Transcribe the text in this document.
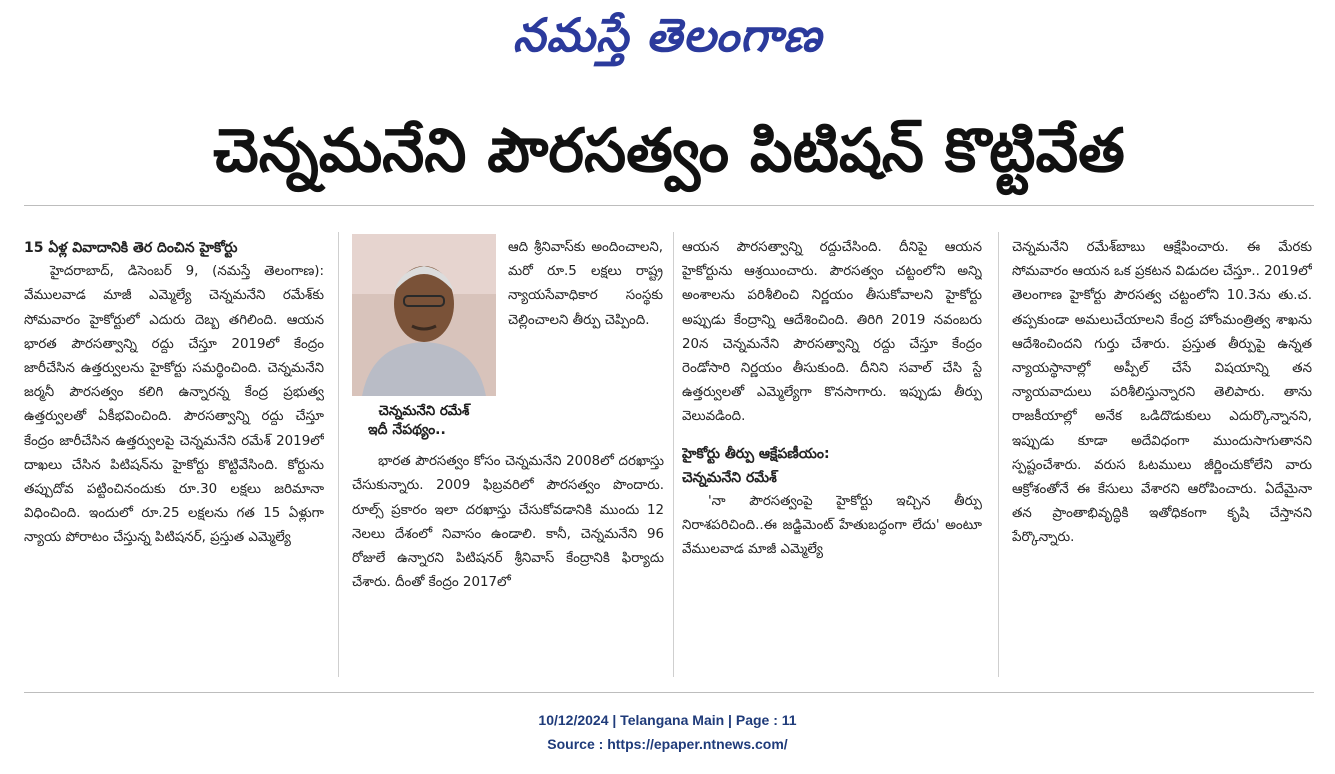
నమస్తే తెలంగాణ
చెన్నమనేని పౌరసత్వం పిటిషన్ కొట్టివేత

15 ఏళ్ల వివాదానికి తెర దించిన హైకోర్టు

హైదరాబాద్, డిసెంబర్ 9, (నమస్తే తెలంగాణ): వేములవాడ మాజీ ఎమ్మెల్యే చెన్నమనేని రమేశ్‌కు సోమవారం హైకోర్టులో ఎదురు దెబ్బ తగిలింది. ఆయన భారత పౌరసత్వాన్ని రద్దు చేస్తూ 2019లో కేంద్రం జారీచేసిన ఉత్తర్వులను హైకోర్టు సమర్థించింది. చెన్నమనేని జర్మనీ పౌరసత్వం కలిగి ఉన్నారన్న కేంద్ర ప్రభుత్వ ఉత్తర్వులతో ఏకీభవించింది. పౌరసత్వాన్ని రద్దు చేస్తూ కేంద్రం జారీచేసిన ఉత్తర్వులపై చెన్నమనేని రమేశ్ 2019లో దాఖలు చేసిన పిటిషన్‌ను హైకోర్టు కొట్టివేసింది. కోర్టును తప్పుదోవ పట్టించినందుకు రూ.30 లక్షలు జరిమానా విధించింది. ఇందులో రూ.25 లక్షలను గత 15 ఏళ్లుగా న్యాయ పోరాటం చేస్తున్న పిటిషనర్, ప్రస్తుత ఎమ్మెల్యే

చెన్నమనేని రమేశ్

ఆది శ్రీనివాస్‌కు అందించాలని, మరో రూ.5 లక్షలు రాష్ట్ర న్యాయసేవాధికార సంస్థకు చెల్లించాలని తీర్పు చెప్పింది.

ఇదీ నేపథ్యం..

భారత పౌరసత్వం కోసం చెన్నమనేని 2008లో దరఖాస్తు చేసుకున్నారు. 2009 ఫిబ్రవరిలో పౌరసత్వం పొందారు. రూల్స్ ప్రకారం ఇలా దరఖాస్తు చేసుకోవడానికి ముందు 12 నెలలు దేశంలో నివాసం ఉండాలి. కానీ, చెన్నమనేని 96 రోజులే ఉన్నారని పిటిషనర్ శ్రీనివాస్ కేంద్రానికి ఫిర్యాదు చేశారు. దీంతో కేంద్రం 2017లో

ఆయన పౌరసత్వాన్ని రద్దుచేసింది. దీనిపై ఆయన హైకోర్టును ఆశ్రయించారు. పౌరసత్వం చట్టంలోని అన్ని అంశాలను పరిశీలించి నిర్ణయం తీసుకోవాలని హైకోర్టు అప్పుడు కేంద్రాన్ని ఆదేశించింది. తిరిగి 2019 నవంబరు 20న చెన్నమనేని పౌరసత్వాన్ని రద్దు చేస్తూ కేంద్రం రెండోసారి నిర్ణయం తీసుకుంది. దీనిని సవాల్ చేసి స్టే ఉత్తర్వులతో ఎమ్మెల్యేగా కొనసాగారు. ఇప్పుడు తీర్పు వెలువడింది.

హైకోర్టు తీర్పు ఆక్షేపణీయం:

చెన్నమనేని రమేశ్

'నా పౌరసత్వంపై హైకోర్టు ఇచ్చిన తీర్పు నిరాశపరిచింది..ఈ జడ్జిమెంట్ హేతుబద్ధంగా లేదు' అంటూ వేములవాడ మాజీ ఎమ్మెల్యే

చెన్నమనేని రమేశ్‌బాబు ఆక్షేపించారు. ఈ మేరకు సోమవారం ఆయన ఒక ప్రకటన విడుదల చేస్తూ.. 2019లో తెలంగాణ హైకోర్టు పౌరసత్వ చట్టంలోని 10.3ను తు.చ. తప్పకుండా అమలుచేయాలని కేంద్ర హోంమంత్రిత్వ శాఖను ఆదేశించిందని గుర్తు చేశారు. ప్రస్తుత తీర్పుపై ఉన్నత న్యాయస్థానాల్లో అప్పీల్ చేసే విషయాన్ని తన న్యాయవాదులు పరిశీలిస్తున్నారని తెలిపారు. తాను రాజకీయాల్లో అనేక ఒడిదొడుకులు ఎదుర్కొన్నానని, ఇప్పుడు కూడా అదేవిధంగా ముందుసాగుతానని స్పష్టంచేశారు. వరుస ఓటములు జీర్ణించుకోలేని వారు ఆక్రోశంతోనే ఈ కేసులు వేశారని ఆరోపించారు. ఏదేమైనా తన ప్రాంతాభివృద్ధికి ఇతోధికంగా కృషి చేస్తానని పేర్కొన్నారు.

10/12/2024 | Telangana Main | Page : 11
Source : https://epaper.ntnews.com/
